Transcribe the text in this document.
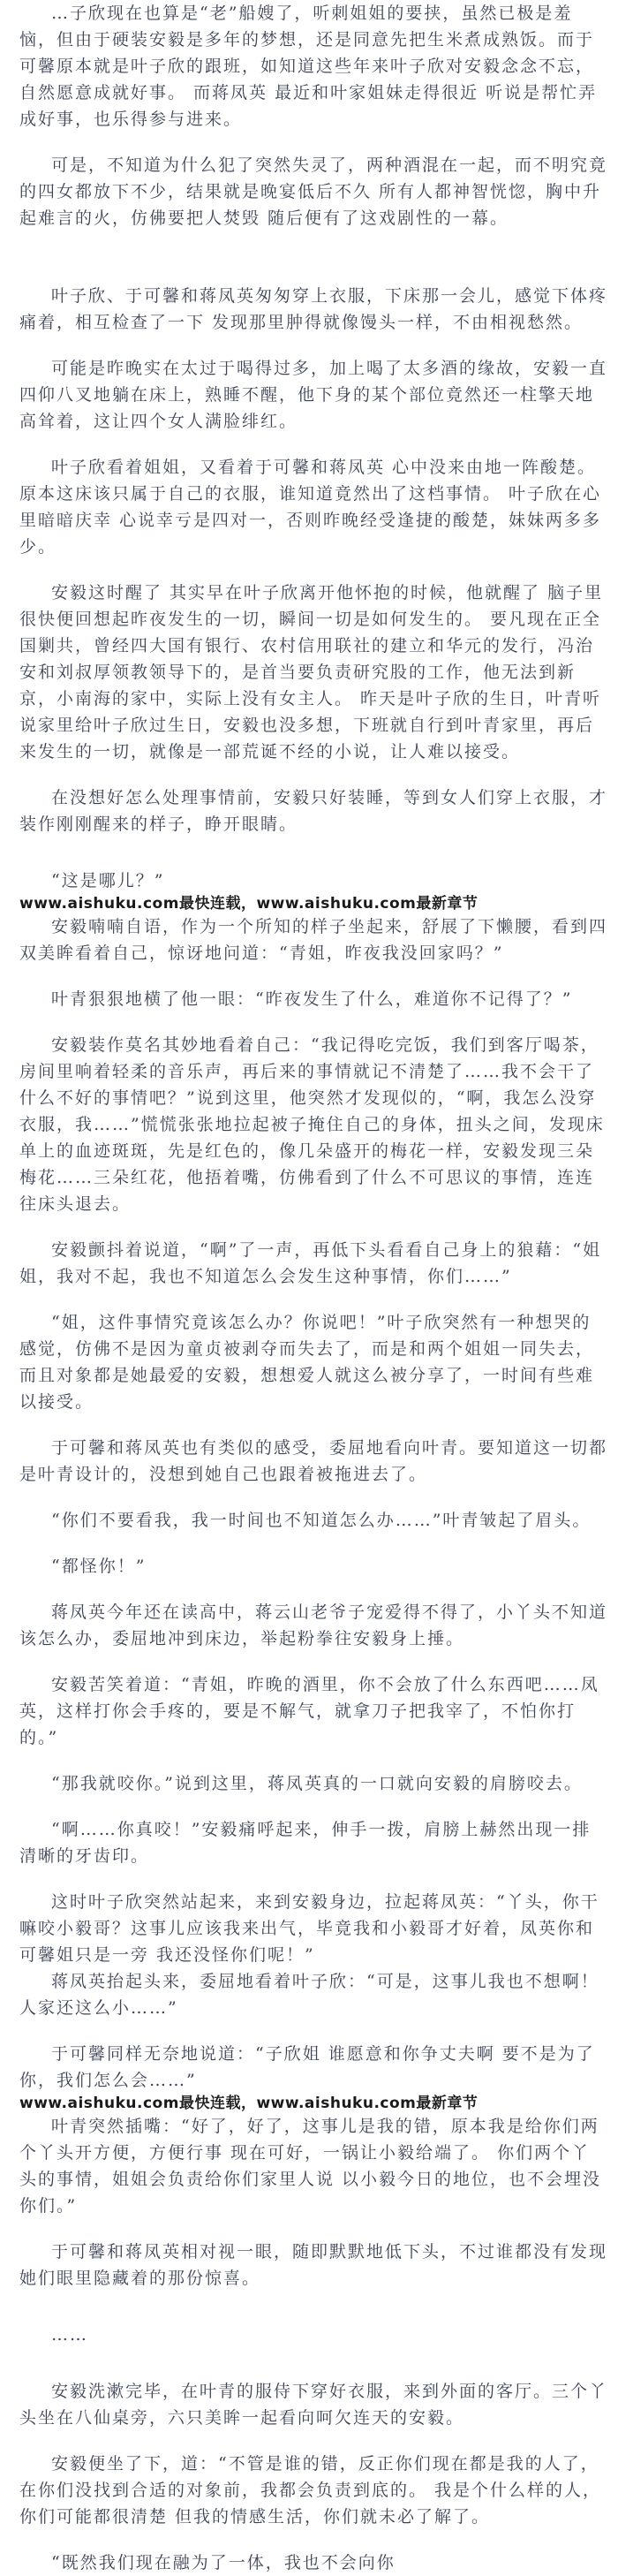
…子欣现在也算是“老”船嫂了，听刺姐姐的要挟，虽然已极是羞恼，但由于硬装安毅是多年的梦想，还是同意先把生米煮成熟饭。而于可馨原本就是叶子欣的跟班，如知道这些年来叶子欣对安毅念念不忘，自然愿意成就好事。 而蒋凤英 最近和叶家姐妹走得很近 听说是帮忙弄成好事，也乐得参与进来。

可是，不知道为什么犯了突然失灵了，两种酒混在一起，而不明究竟的四女都放下不少，结果就是晚宴低后不久 所有人都神智恍惚，胸中升起难言的火，仿佛要把人焚毁 随后便有了这戏剧性的一幕。

叶子欣、于可馨和蒋凤英匆匆穿上衣服，下床那一会儿，感觉下体疼痛着，相互检查了一下 发现那里肿得就像馒头一样，不由相视愁然。

可能是昨晚实在太过于喝得过多，加上喝了太多酒的缘故，安毅一直四仰八叉地躺在床上，熟睡不醒，他下身的某个部位竟然还一柱擎天地高耸着，这让四个女人满脸绯红。

叶子欣看着姐姐，又看着于可馨和蒋凤英 心中没来由地一阵酸楚。 原本这床该只属于自己的衣服，谁知道竟然出了这档事情。 叶子欣在心里暗暗庆幸 心说幸亏是四对一，否则昨晚经受逢捷的酸楚，妹妹两多多少。

安毅这时醒了 其实早在叶子欣离开他怀抱的时候，他就醒了 脑子里很快便回想起昨夜发生的一切，瞬间一切是如何发生的。 要凡现在正全国剿共，曾经四大国有银行、农村信用联社的建立和华元的发行，冯治安和刘叔厚领教领导下的，是首当要负责研究股的工作，他无法到新京，小南海的家中，实际上没有女主人。 昨天是叶子欣的生日，叶青听说家里给叶子欣过生日，安毅也没多想，下班就自行到叶青家里，再后来发生的一切，就像是一部荒诞不经的小说，让人难以接受。

在没想好怎么处理事情前，安毅只好装睡，等到女人们穿上衣服，才装作刚刚醒来的样子，睁开眼睛。

“这是哪儿？”

www.aishuku.com最快连载，www.aishuku.com最新章节

安毅喃喃自语，作为一个所知的样子坐起来，舒展了下懒腰，看到四双美眸看着自己，惊讶地问道：“青姐，昨夜我没回家吗？”

叶青狠狠地横了他一眼：“昨夜发生了什么，难道你不记得了？”

安毅装作莫名其妙地看着自己：“我记得吃完饭，我们到客厅喝茶，房间里响着轻柔的音乐声，再后来的事情就记不清楚了……我不会干了什么不好的事情吧？”说到这里，他突然才发现似的，“啊，我怎么没穿衣服，我……”慌慌张张地拉起被子掩住自己的身体，扭头之间，发现床单上的血迹斑斑，先是红色的，像几朵盛开的梅花一样，安毅发现三朵梅花……三朵红花，他捂着嘴，仿佛看到了什么不可思议的事情，连连往床头退去。

安毅颤抖着说道，“啊”了一声，再低下头看看自己身上的狼藉：“姐姐，我对不起，我也不知道怎么会发生这种事情，你们……”

“姐，这件事情究竟该怎么办？你说吧！”叶子欣突然有一种想哭的感觉，仿佛不是因为童贞被剥夺而失去了，而是和两个姐姐一同失去，而且对象都是她最爱的安毅，想想爱人就这么被分享了，一时间有些难以接受。

于可馨和蒋凤英也有类似的感受，委屈地看向叶青。要知道这一切都是叶青设计的，没想到她自己也跟着被拖进去了。

“你们不要看我，我一时间也不知道怎么办……”叶青皱起了眉头。

“都怪你！”

蒋凤英今年还在读高中，蒋云山老爷子宠爱得不得了，小丫头不知道该怎么办，委屈地冲到床边，举起粉拳往安毅身上捶。

安毅苦笑着道：“青姐，昨晚的酒里，你不会放了什么东西吧……凤英，这样打你会手疼的，要是不解气，就拿刀子把我宰了，不怕你打的。”

“那我就咬你。”说到这里，蒋凤英真的一口就向安毅的肩膀咬去。

“啊……你真咬！”安毅痛呼起来，伸手一拨，肩膀上赫然出现一排清晰的牙齿印。

这时叶子欣突然站起来，来到安毅身边，拉起蒋凤英：“丫头，你干嘛咬小毅哥？这事儿应该我来出气，毕竟我和小毅哥才好着，凤英你和可馨姐只是一旁 我还没怪你们呢！”

蒋凤英抬起头来，委屈地看着叶子欣：“可是，这事儿我也不想啊！人家还这么小……”

于可馨同样无奈地说道：“子欣姐 谁愿意和你争丈夫啊 要不是为了你，我们怎么会……”

www.aishuku.com最快连载，www.aishuku.com最新章节

叶青突然插嘴：“好了，好了，这事儿是我的错，原本我是给你们两个丫头开方便，方便行事 现在可好，一锅让小毅给端了。 你们两个丫头的事情，姐姐会负责给你们家里人说 以小毅今日的地位，也不会埋没你们。”

于可馨和蒋凤英相对视一眼，随即默默地低下头，不过谁都没有发现她们眼里隐藏着的那份惊喜。

……

安毅洗漱完毕，在叶青的服侍下穿好衣服，来到外面的客厅。三个丫头坐在八仙桌旁，六只美眸一起看向呵欠连天的安毅。

安毅便坐了下，道：“不管是谁的错，反正你们现在都是我的人了，在你们没找到合适的对象前，我都会负责到底的。 我是个什么样的人，你们可能都很清楚 但我的情感生活，你们就未必了解了。

“既然我们现在融为了一体，我也不会向你
